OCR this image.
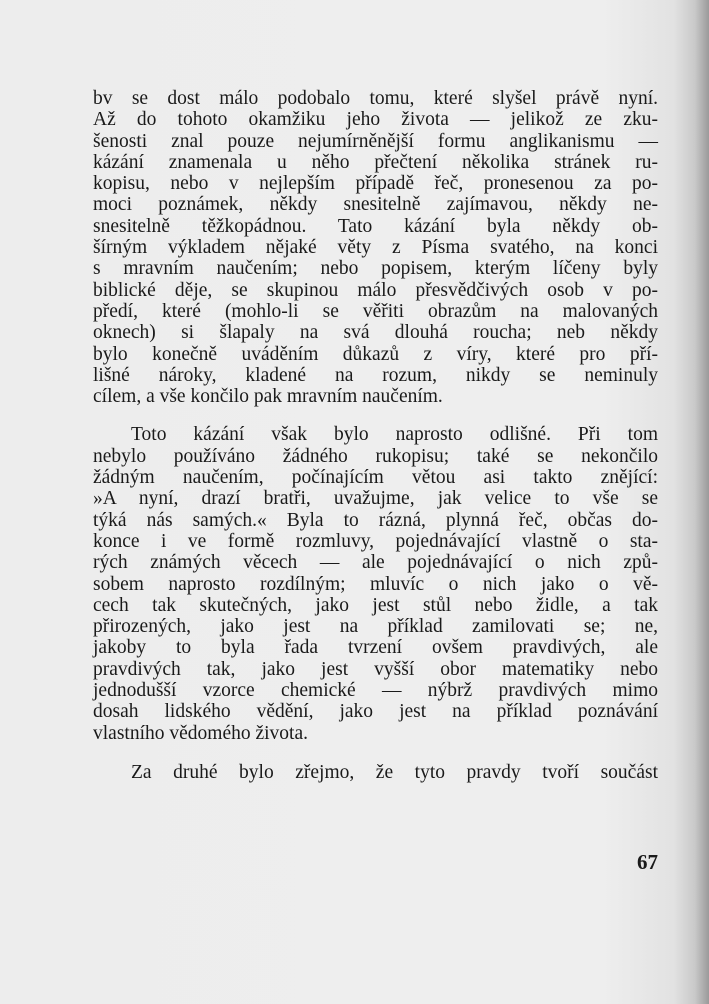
bv se dost málo podobalo tomu, které slyšel právě nyní.
Až do tohoto okamžiku jeho života — jelikož ze zku-
šenosti znal pouze nejumírněnější formu anglikanismu —
kázání znamenala u něho přečtení několika stránek ru-
kopisu, nebo v nejlepším případě řeč, pronesenou za po-
moci poznámek, někdy snesitelně zajímavou, někdy ne-
snesitelně těžkopádnou. Tato kázání byla někdy ob-
šírným výkladem nějaké věty z Písma svatého, na konci
s mravním naučením; nebo popisem, kterým líčeny byly
biblické děje, se skupinou málo přesvědčivých osob v po-
předí, které (mohlo-li se věřiti obrazům na malovaných
oknech) si šlapaly na svá dlouhá roucha; neb někdy
bylo konečně uváděním důkazů z víry, které pro pří-
lišné nároky, kladené na rozum, nikdy se neminuly
cílem, a vše končilo pak mravním naučením.
Toto kázání však bylo naprosto odlišné. Při tom
nebylo používáno žádného rukopisu; také se nekončilo
žádným naučením, počínajícím větou asi takto znějící:
»A nyní, drazí bratři, uvažujme, jak velice to vše se
týká nás samých.« Byla to rázná, plynná řeč, občas do-
konce i ve formě rozmluvy, pojednávající vlastně o sta-
rých známých věcech — ale pojednávající o nich způ-
sobem naprosto rozdílným; mluvíc o nich jako o vě-
cech tak skutečných, jako jest stůl nebo židle, a tak
přirozených, jako jest na příklad zamilovati se; ne,
jakoby to byla řada tvrzení ovšem pravdivých, ale
pravdivých tak, jako jest vyšší obor matematiky nebo
jednodušší vzorce chemické — nýbrž pravdivých mimo
dosah lidského vědění, jako jest na příklad poznávání
vlastního vědomého života.
Za druhé bylo zřejmo, že tyto pravdy tvoří součást
67
